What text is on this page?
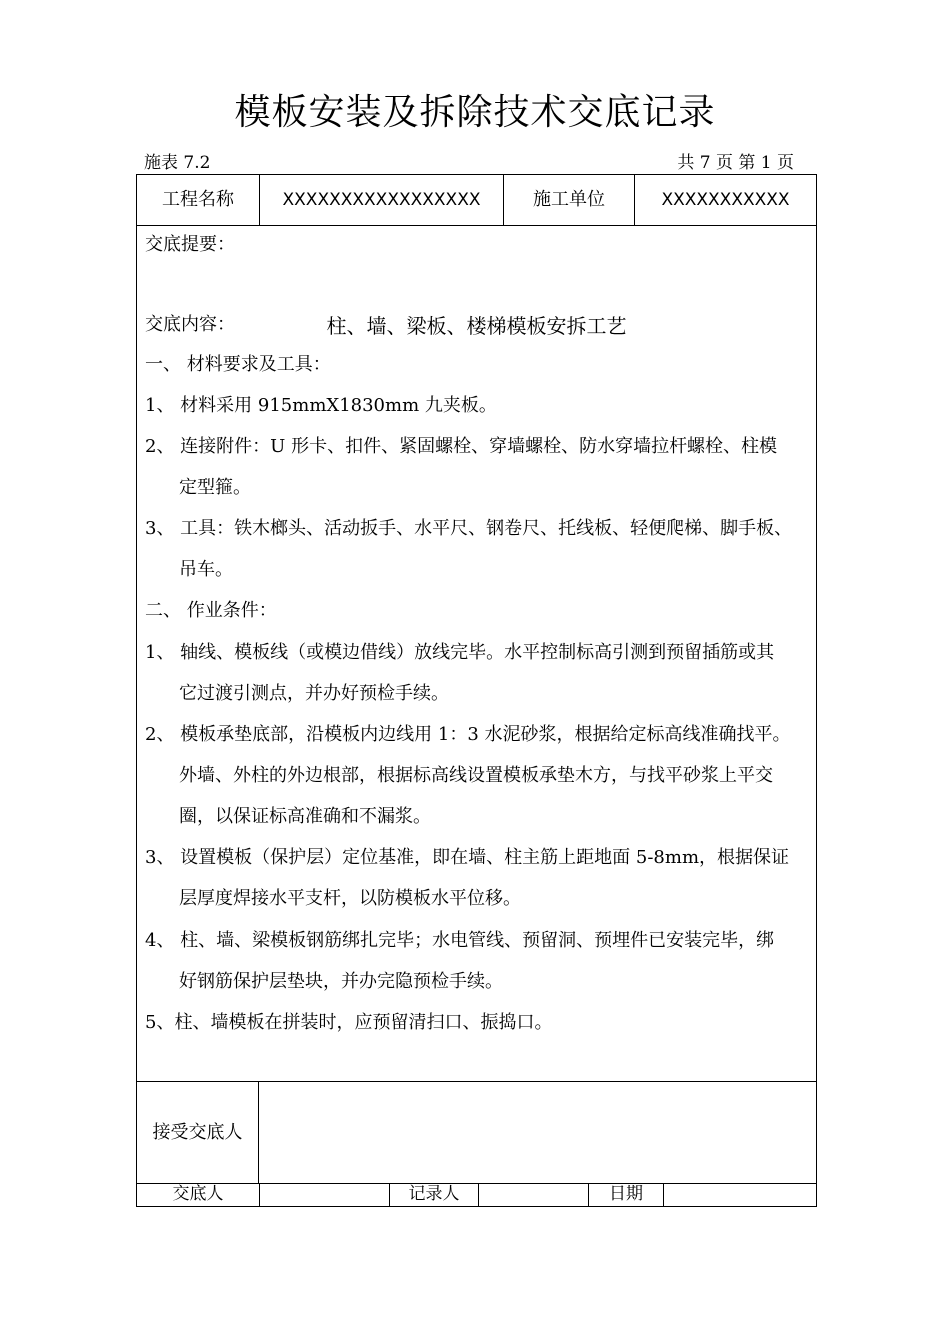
模板安装及拆除技术交底记录
施表 7.2	共 7 页 第 1 页
工程名称	XXXXXXXXXXXXXXXXX	施工单位	XXXXXXXXXXX
交底提要：
柱、墙、梁板、楼梯模板安拆工艺
交底内容：
一、 材料要求及工具：
1、 材料采用 915mmX1830mm 九夹板。
2、 连接附件：U 形卡、扣件、紧固螺栓、穿墙螺栓、防水穿墙拉杆螺栓、柱模
定型箍。
3、 工具：铁木榔头、活动扳手、水平尺、钢卷尺、托线板、轻便爬梯、脚手板、
吊车。
二、 作业条件：
1、 轴线、模板线（或模边借线）放线完毕。水平控制标高引测到预留插筋或其
它过渡引测点，并办好预检手续。
2、 模板承垫底部，沿模板内边线用 1：3 水泥砂浆，根据给定标高线准确找平。
外墙、外柱的外边根部，根据标高线设置模板承垫木方，与找平砂浆上平交
圈，以保证标高准确和不漏浆。
3、 设置模板（保护层）定位基准，即在墙、柱主筋上距地面 5-8mm，根据保证
层厚度焊接水平支杆，以防模板水平位移。
4、 柱、墙、梁模板钢筋绑扎完毕；水电管线、预留洞、预埋件已安装完毕，绑
好钢筋保护层垫块，并办完隐预检手续。
5、柱、墙模板在拼装时，应预留清扫口、振捣口。
接受交底人
交底人	记录人	日期
